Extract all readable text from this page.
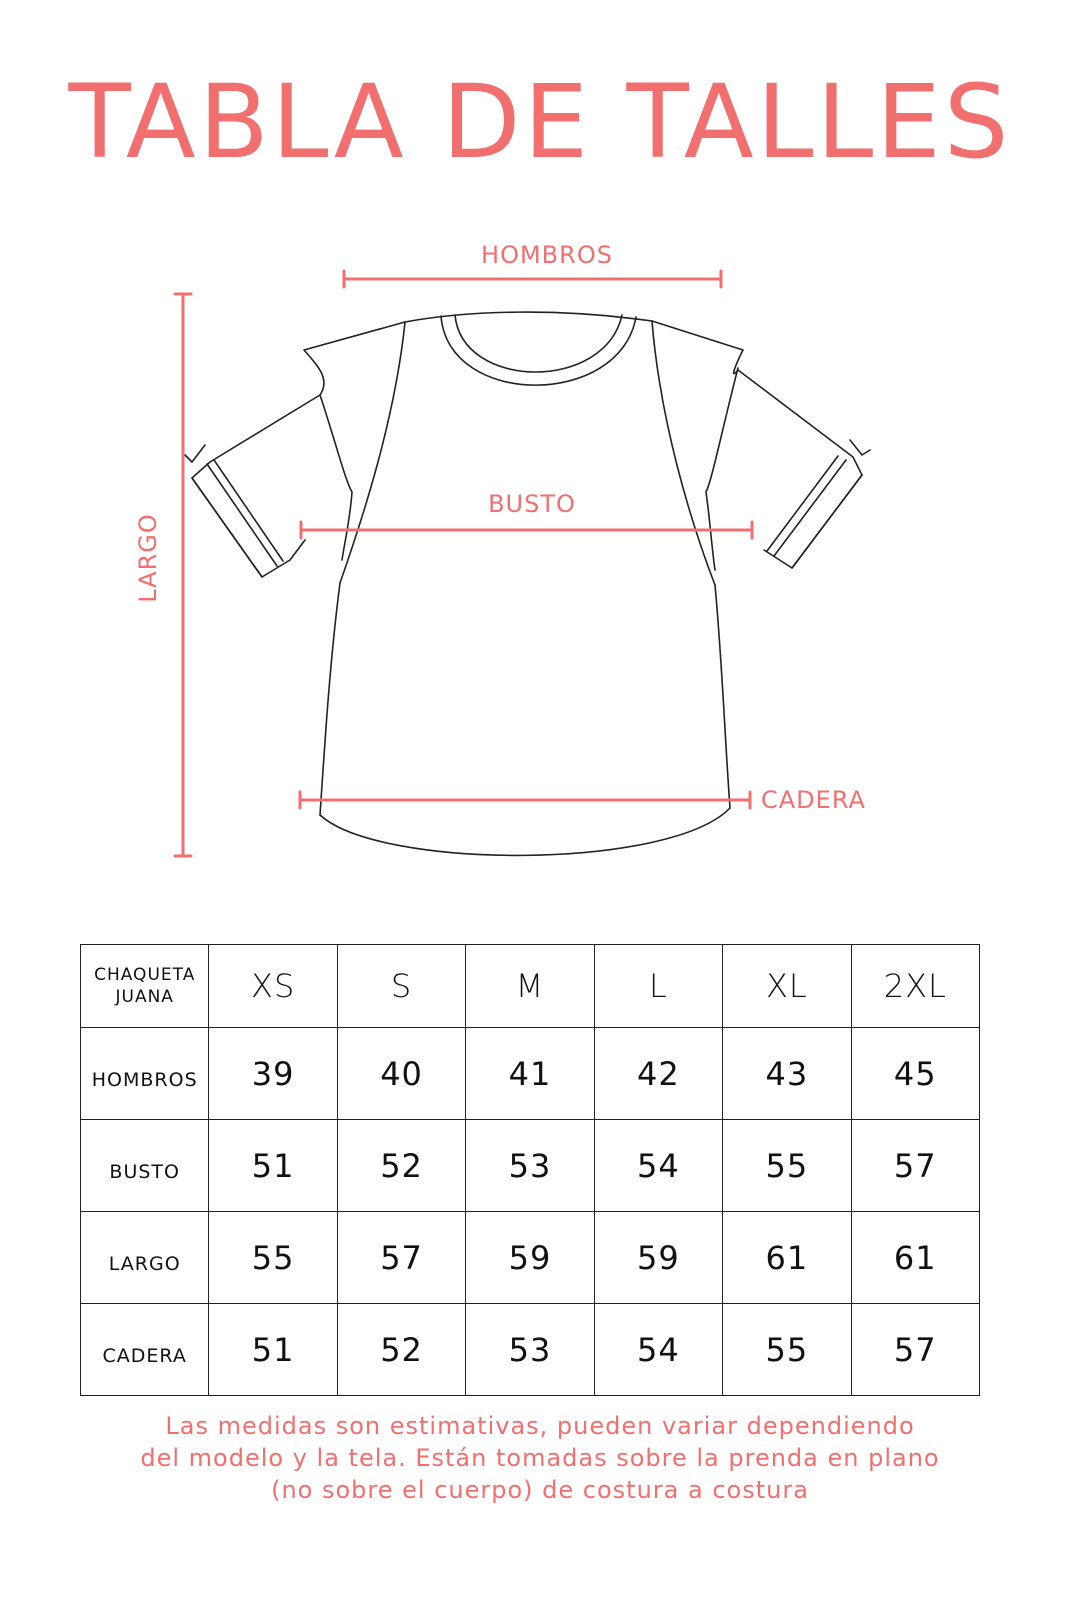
TABLA DE TALLES
HOMBROS
BUSTO
CADERA
LARGO
CHAQUETA
JUANA	XS	S	M	L	XL	2XL
HOMBROS	39	40	41	42	43	45
BUSTO	51	52	53	54	55	57
LARGO	55	57	59	59	61	61
CADERA	51	52	53	54	55	57

Las medidas son estimativas, pueden variar dependiendo
del modelo y la tela. Están tomadas sobre la prenda en plano
(no sobre el cuerpo) de costura a costura
